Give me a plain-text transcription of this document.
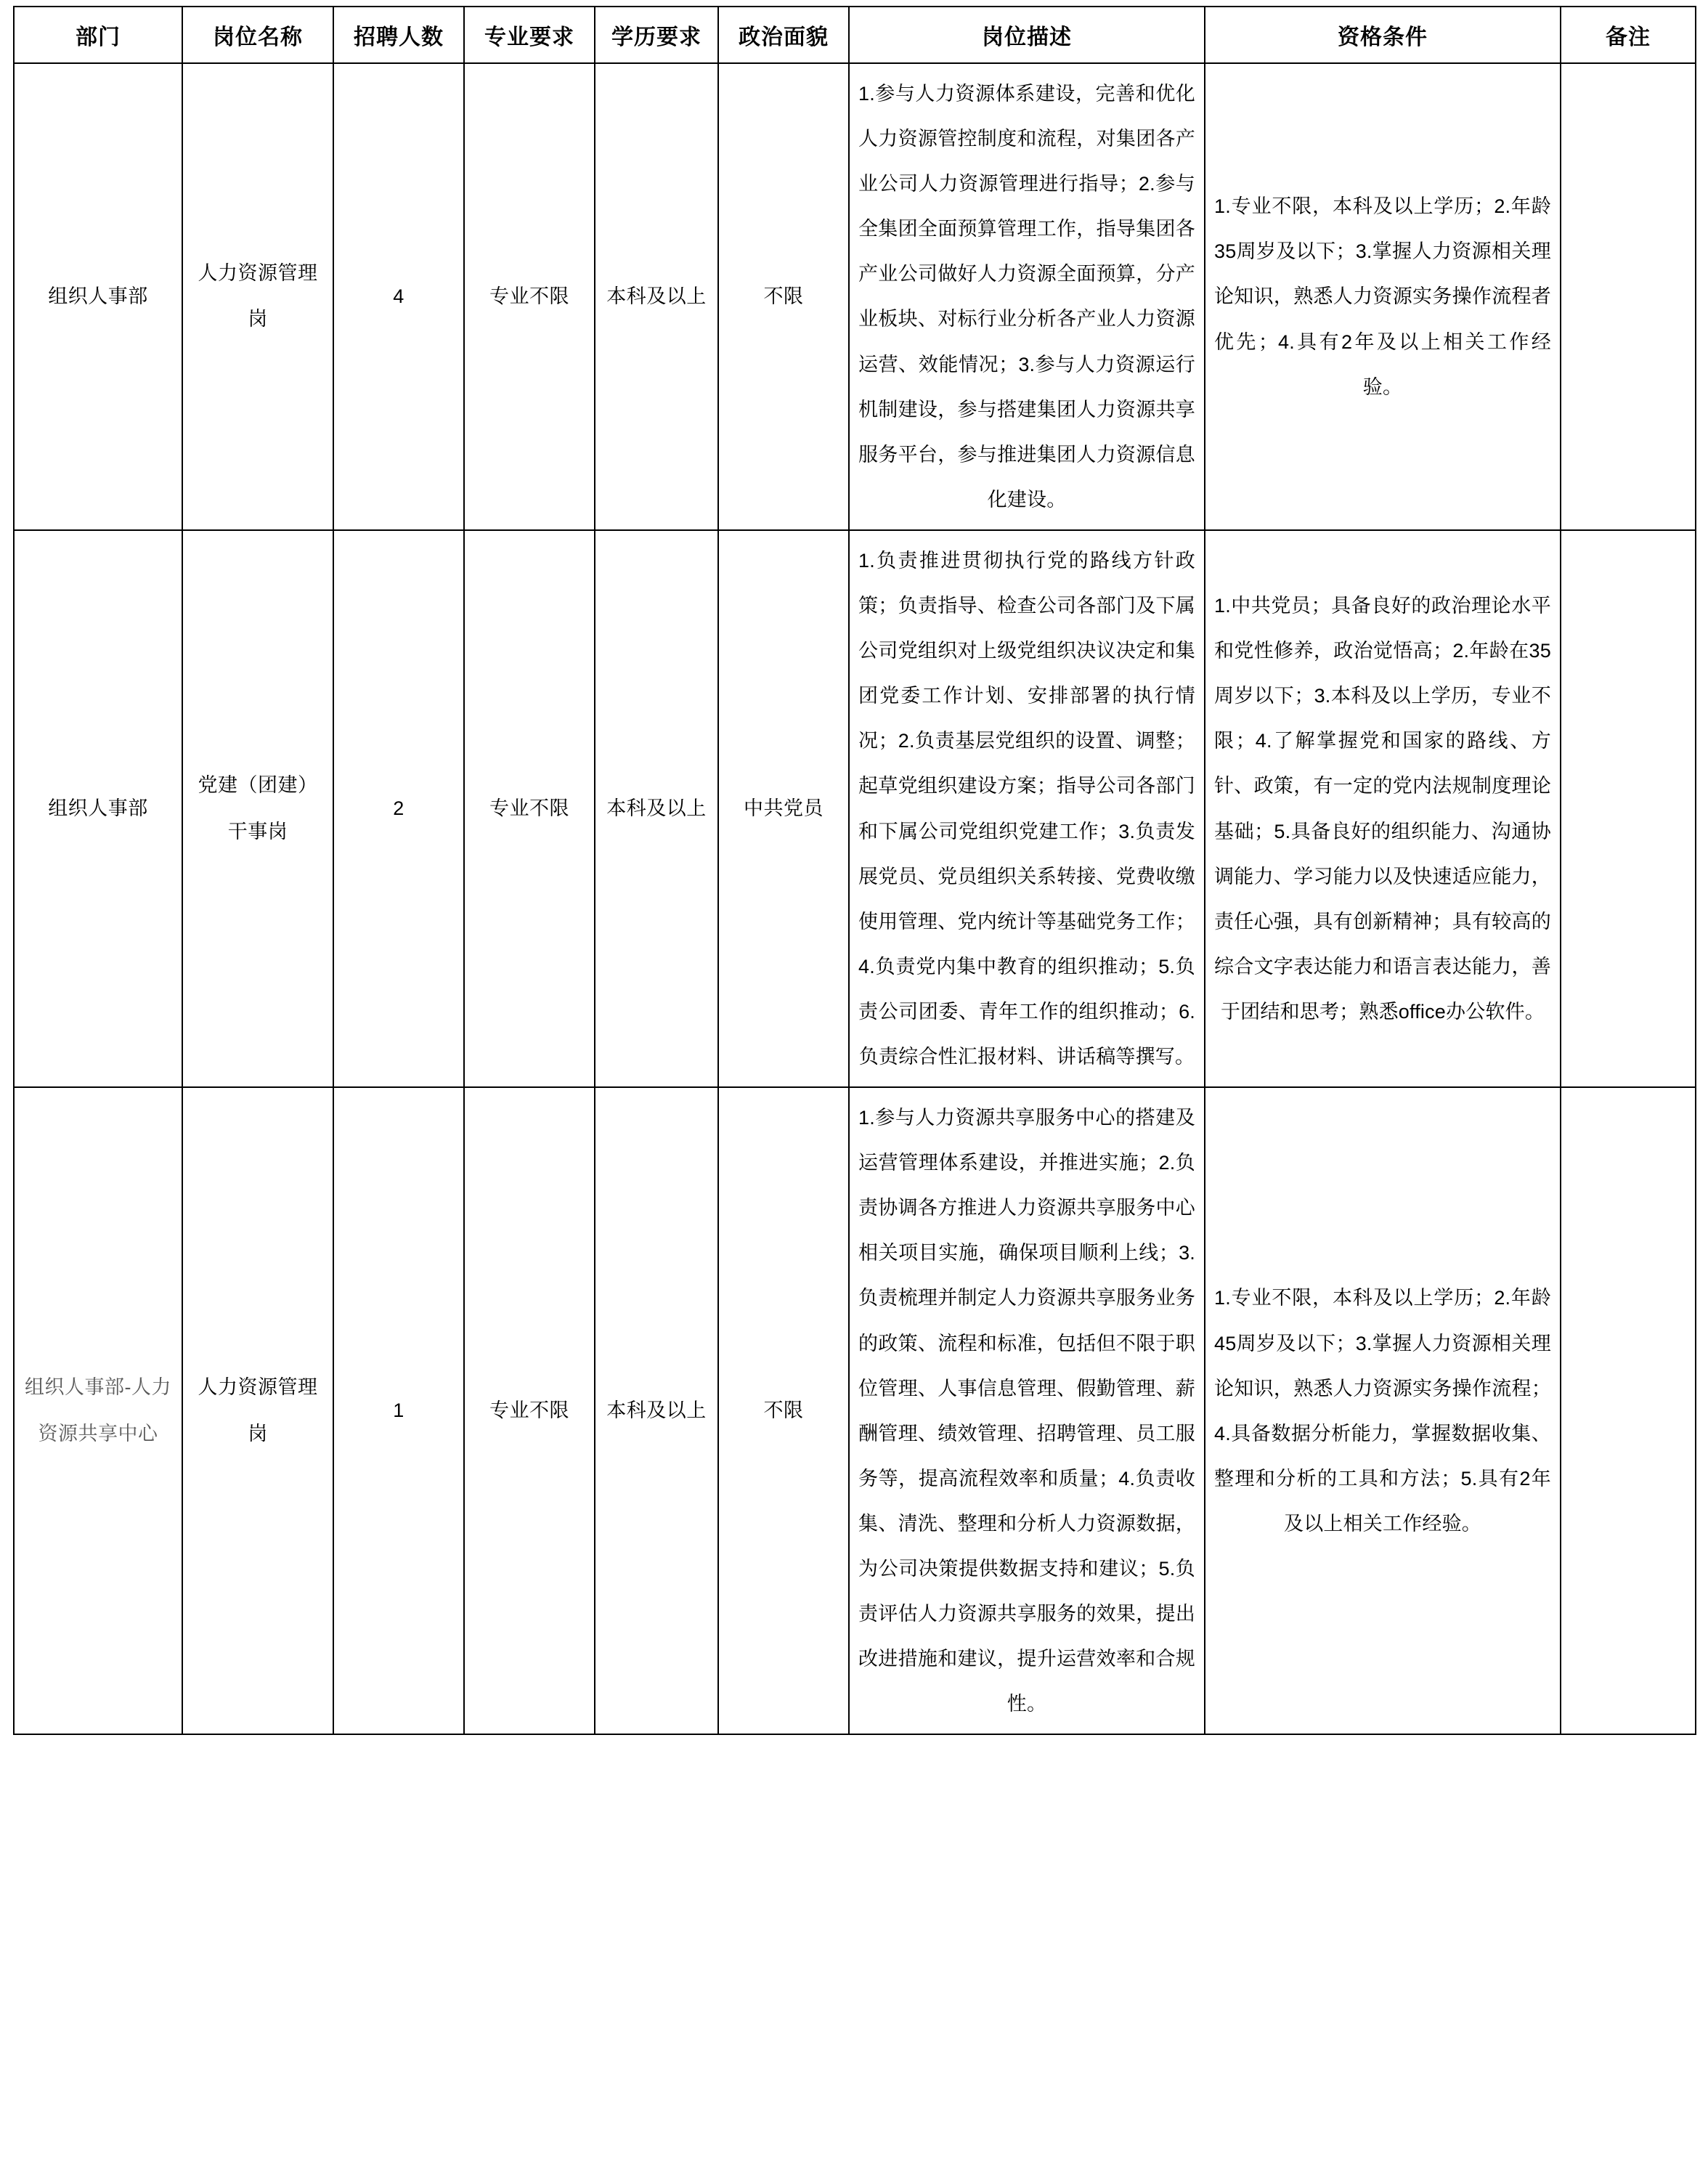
部门	岗位名称	招聘人数	专业要求	学历要求	政治面貌	岗位描述	资格条件	备注
组织人事部	人力资源管理岗	4	专业不限	本科及以上	不限	1.参与人力资源体系建设，完善和优化人力资源管控制度和流程，对集团各产业公司人力资源管理进行指导；2.参与全集团全面预算管理工作，指导集团各产业公司做好人力资源全面预算，分产业板块、对标行业分析各产业人力资源运营、效能情况；3.参与人力资源运行机制建设，参与搭建集团人力资源共享服务平台，参与推进集团人力资源信息化建设。	1.专业不限，本科及以上学历；2.年龄35周岁及以下；3.掌握人力资源相关理论知识，熟悉人力资源实务操作流程者优先；4.具有2年及以上相关工作经验。	

组织人事部	党建（团建）干事岗	2	专业不限	本科及以上	中共党员	1.负责推进贯彻执行党的路线方针政策；负责指导、检查公司各部门及下属公司党组织对上级党组织决议决定和集团党委工作计划、安排部署的执行情况；2.负责基层党组织的设置、调整；起草党组织建设方案；指导公司各部门和下属公司党组织党建工作；3.负责发展党员、党员组织关系转接、党费收缴使用管理、党内统计等基础党务工作；4.负责党内集中教育的组织推动；5.负责公司团委、青年工作的组织推动；6.负责综合性汇报材料、讲话稿等撰写。	1.中共党员；具备良好的政治理论水平和党性修养，政治觉悟高；2.年龄在35周岁以下；3.本科及以上学历，专业不限；4.了解掌握党和国家的路线、方针、政策，有一定的党内法规制度理论基础；5.具备良好的组织能力、沟通协调能力、学习能力以及快速适应能力，责任心强，具有创新精神；具有较高的综合文字表达能力和语言表达能力，善于团结和思考；熟悉office办公软件。	

组织人事部-人力资源共享中心	人力资源管理岗	1	专业不限	本科及以上	不限	1.参与人力资源共享服务中心的搭建及运营管理体系建设，并推进实施；2.负责协调各方推进人力资源共享服务中心相关项目实施，确保项目顺利上线；3.负责梳理并制定人力资源共享服务业务的政策、流程和标准，包括但不限于职位管理、人事信息管理、假勤管理、薪酬管理、绩效管理、招聘管理、员工服务等，提高流程效率和质量；4.负责收集、清洗、整理和分析人力资源数据，为公司决策提供数据支持和建议；5.负责评估人力资源共享服务的效果，提出改进措施和建议，提升运营效率和合规性。	1.专业不限，本科及以上学历；2.年龄45周岁及以下；3.掌握人力资源相关理论知识，熟悉人力资源实务操作流程；4.具备数据分析能力，掌握数据收集、整理和分析的工具和方法；5.具有2年及以上相关工作经验。	
